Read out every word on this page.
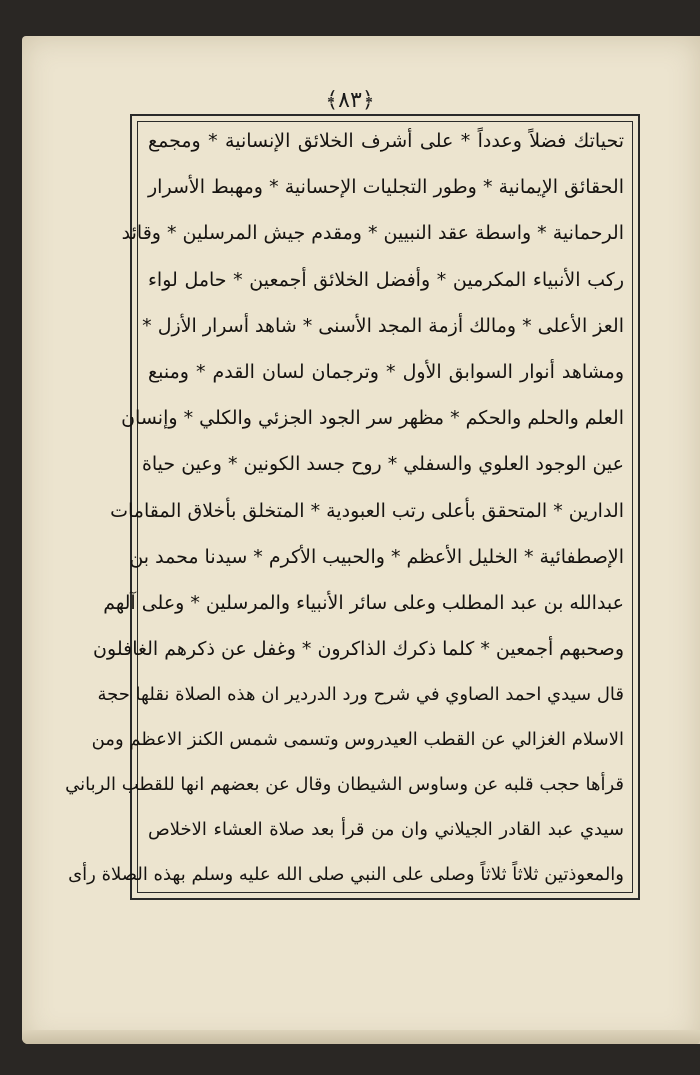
﴿٨٣﴾
تحياتك فضلاً وعدداً * على أشرف الخلائق الإنسانية * ومجمع
الحقائق الإيمانية * وطور التجليات الإحسانية * ومهبط الأسرار
الرحمانية * واسطة عقد النبيين * ومقدم جيش المرسلين * وقائد
ركب الأنبياء المكرمين * وأفضل الخلائق أجمعين * حامل لواء
العز الأعلى * ومالك أزمة المجد الأسنى * شاهد أسرار الأزل *
ومشاهد أنوار السوابق الأول * وترجمان لسان القدم * ومنبع
العلم والحلم والحكم * مظهر سر الجود الجزئي والكلي * وإنسان
عين الوجود العلوي والسفلي * روح جسد الكونين * وعين حياة
الدارين * المتحقق بأعلى رتب العبودية * المتخلق بأخلاق المقامات
الإصطفائية * الخليل الأعظم * والحبيب الأكرم * سيدنا محمد بن
عبدالله بن عبد المطلب وعلى سائر الأنبياء والمرسلين * وعلى آلهم
وصحبهم أجمعين * كلما ذكرك الذاكرون * وغفل عن ذكرهم الغافلون
قال سيدي احمد الصاوي في شرح ورد الدردير ان هذه الصلاة نقلها حجة
الاسلام الغزالي عن القطب العيدروس وتسمى شمس الكنز الاعظم ومن
قرأها حجب قلبه عن وساوس الشيطان وقال عن بعضهم انها للقطب الرباني
سيدي عبد القادر الجيلاني وان من قرأ بعد صلاة العشاء الاخلاص
والمعوذتين ثلاثاً ثلاثاً وصلى على النبي صلى الله عليه وسلم بهذه الصلاة رأى
